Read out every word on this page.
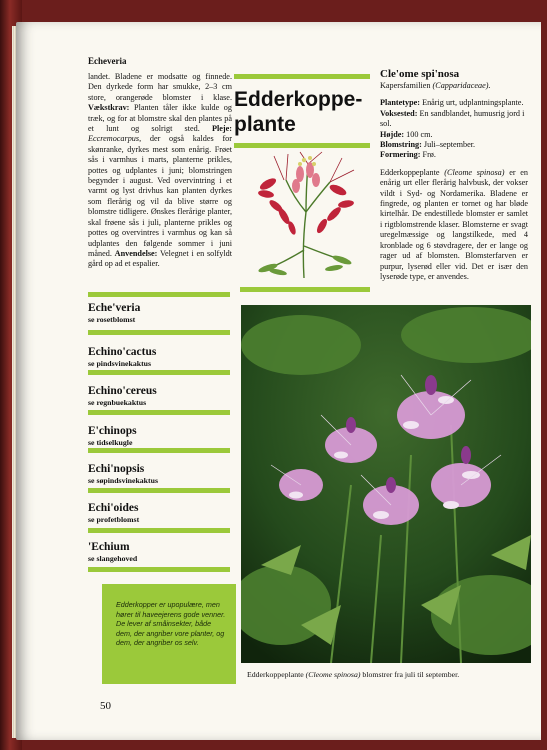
Echeveria

landet. Bladene er modsatte og finnede. Den dyrkede form har smukke, 2–3 cm store, orangerøde blomster i klase. Vækstkrav: Planten tåler ikke kulde og træk, og for at blomstre skal den plantes på et lunt og solrigt sted. Pleje: Eccremocarpus, der også kaldes for skønranke, dyrkes mest som enårig. Frøet sås i varmhus i marts, planterne prikles, pottes og udplantes i juni; blomstringen begynder i august. Ved overvintring i et varmt og lyst drivhus kan planten dyrkes som flerårig og vil da blive større og blomstre tidligere. Ønskes flerårige planter, skal frøene sås i juli, planterne prikles og pottes og overvintres i varmhus og kan så udplantes den følgende sommer i juni måned. Anvendelse: Velegnet i en solfyldt gård op ad et espalier.

Edderkoppe-
plante

Cle'ome spi'nosa

Kapersfamilien (Capparidaceae).

Plantetype: Enårig urt, udplantningsplante.

Voksested: En sandblandet, humusrig jord i sol.

Højde: 100 cm.

Blomstring: Juli–september.

Formering: Frø.

Edderkoppeplante (Cleome spinosa) er en enårig urt eller flerårig halvbusk, der vokser vildt i Syd- og Nordamerika. Bladene er fingrede, og planten er tornet og har bløde kirtelhår. De endestillede blomster er samlet i rigtblomstrende klaser. Blomsterne er svagt uregelmæssige og langstilkede, med 4 kronblade og 6 støvdragere, der er lange og rager ud af blomsten. Blomsterfarven er purpur, lyserød eller vid. Det er især den lyserøde type, er anvendes.

Eche'veria
se rosetblomst
Echino'cactus
se pindsvinekaktus
Echino'cereus
se regnbuekaktus
E'chinops
se tidselkugle
Echi'nopsis
se søpindsvinekaktus
Echi'oides
se profetblomst
'Echium
se slangehoved
Edderkopper er upopulære, men hører til haveejerens gode venner. De lever af småinsekter, både dem, der angriber vore planter, og dem, der angriber os selv.
Edderkoppeplante (Cleome spinosa) blomstrer fra juli til september.
50
